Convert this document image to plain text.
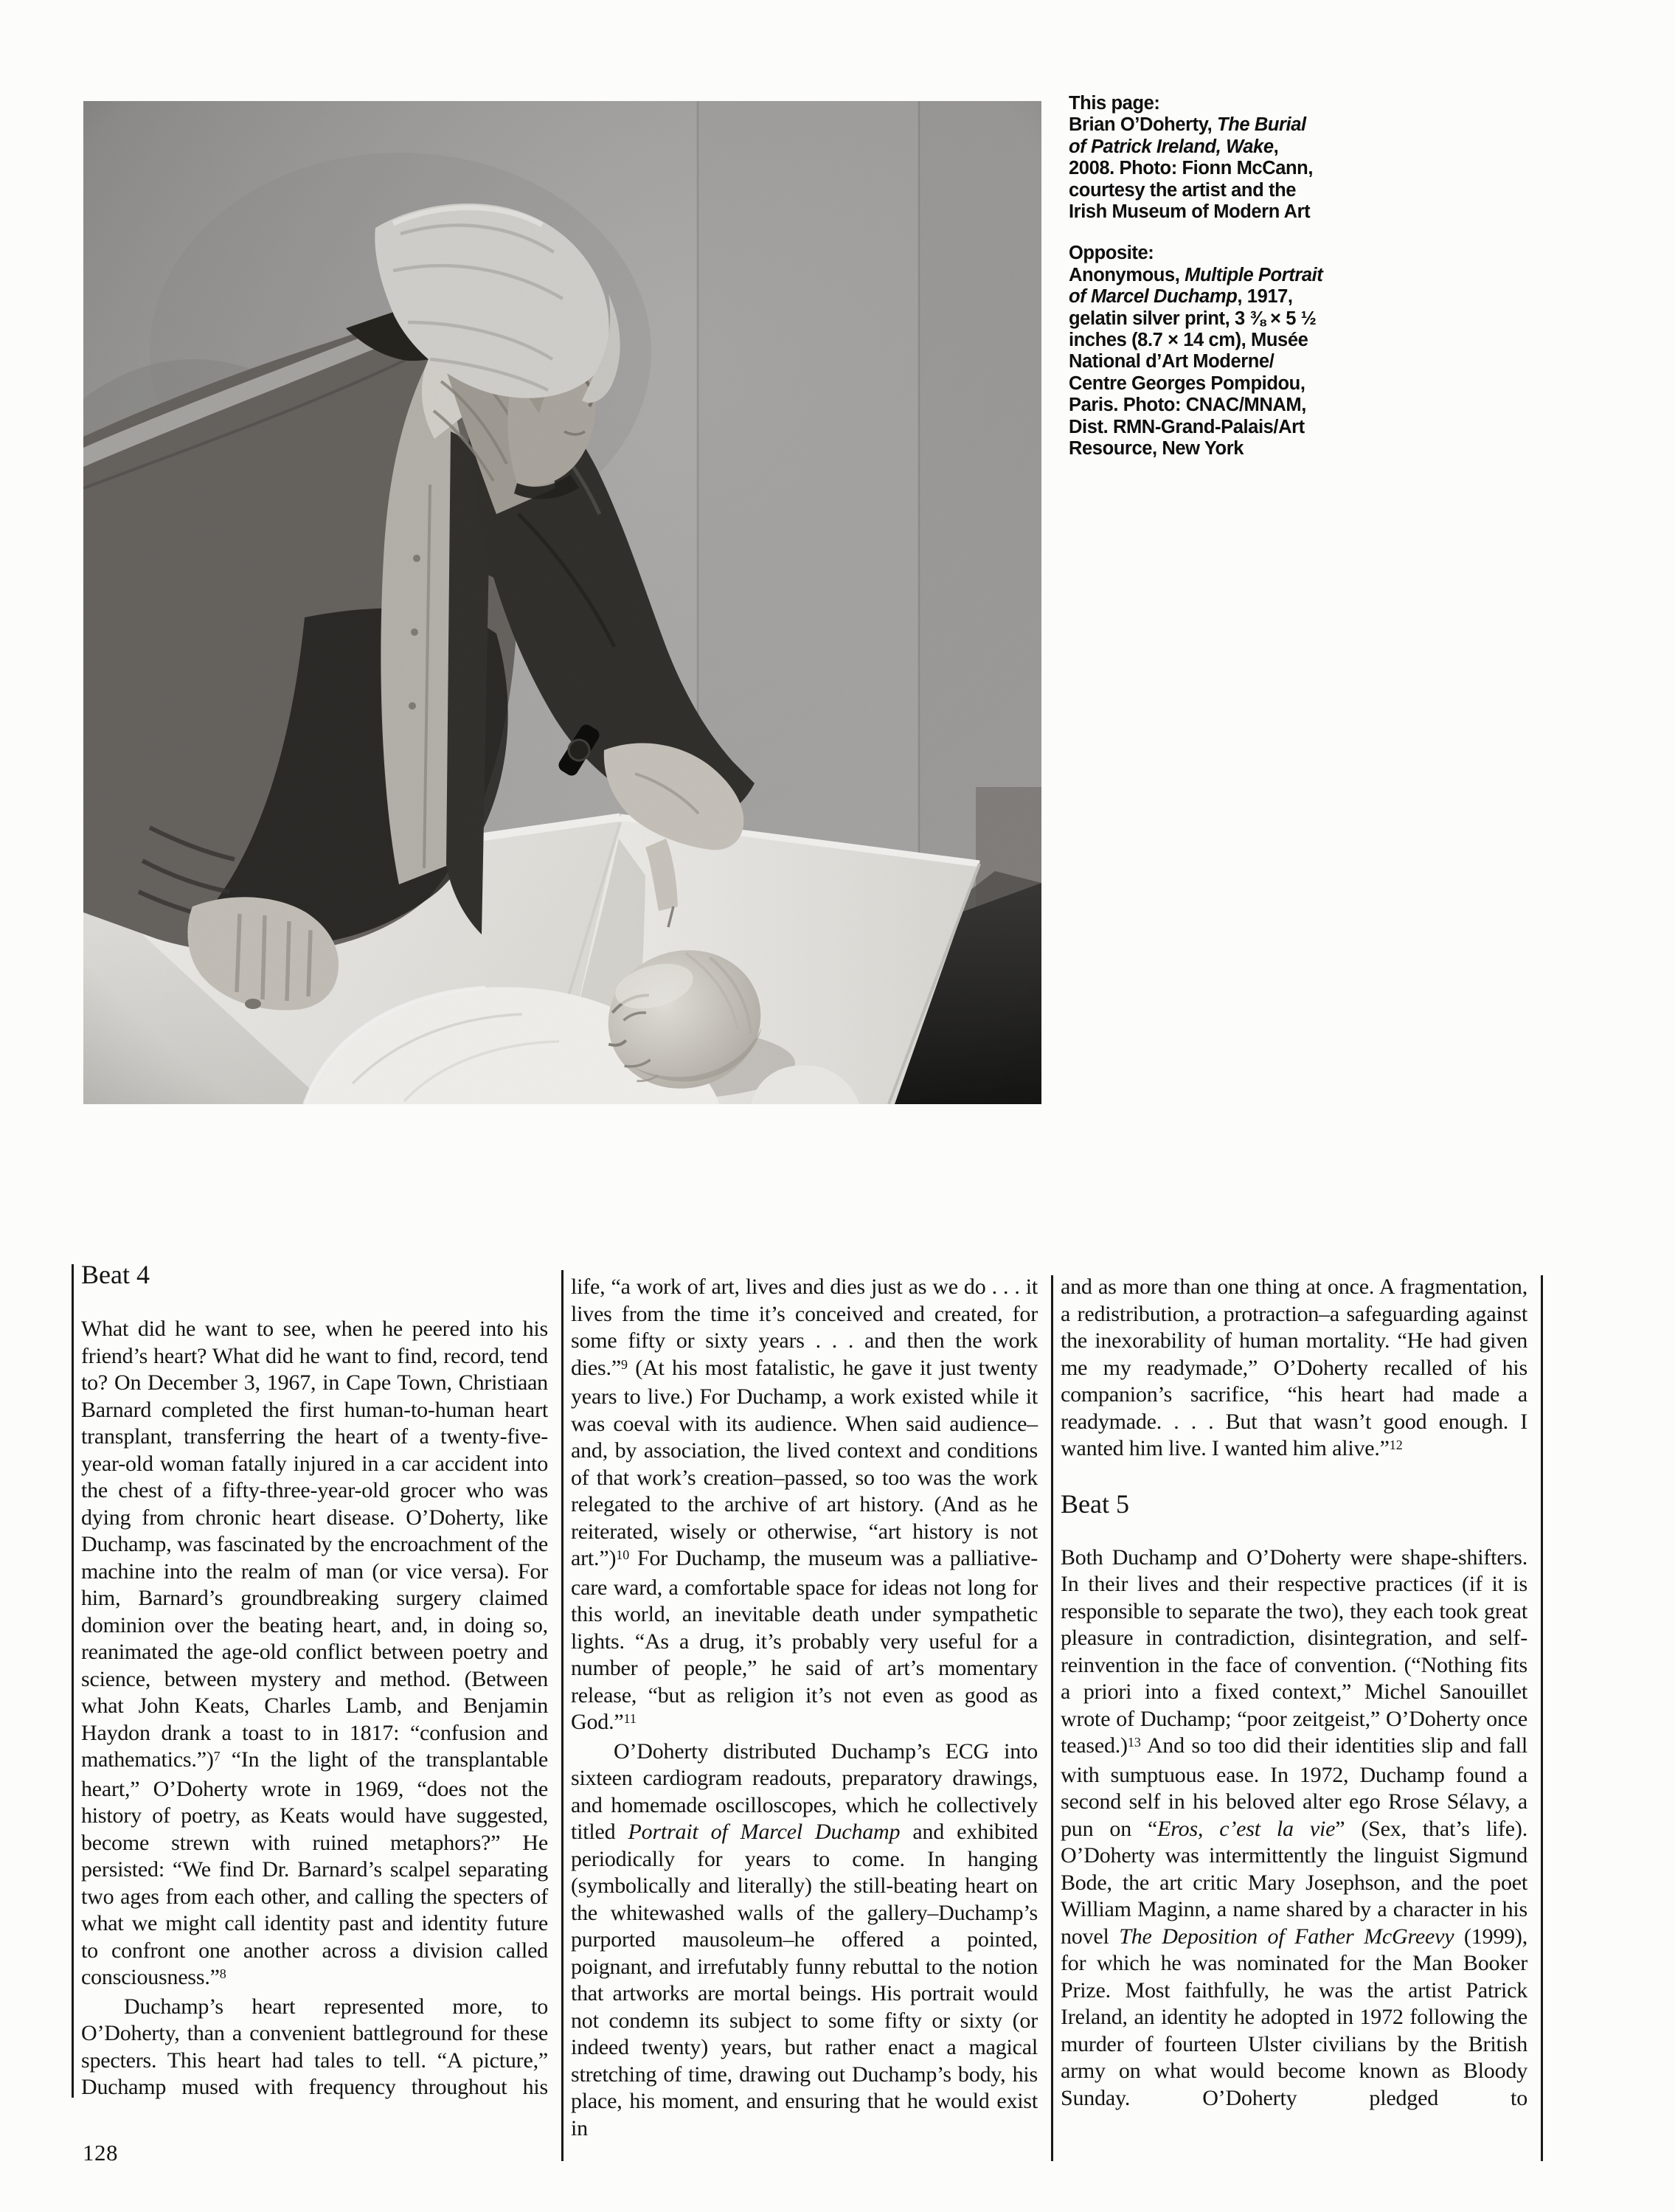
This page:
Brian O’Doherty, The Burial
of Patrick Ireland, Wake,
2008. Photo: Fionn McCann,
courtesy the artist and the
Irish Museum of Modern Art
Opposite:
Anonymous, Multiple Portrait
of Marcel Duchamp, 1917,
gelatin silver print, 3 ⅜ × 5 ½
inches (8.7 × 14 cm), Musée
National d’Art Moderne/
Centre Georges Pompidou,
Paris. Photo: CNAC/MNAM,
Dist. RMN-Grand-Palais/Art
Resource, New York
Beat 4

What did he want to see, when he peered into his friend’s heart? What did he want to find, record, tend to? On December 3, 1967, in Cape Town, Christiaan Barnard completed the first human-to-human heart transplant, transferring the heart of a twenty-five-year-old woman fatally injured in a car accident into the chest of a fifty-three-year-old grocer who was dying from chronic heart disease. O’Doherty, like Duchamp, was fascinated by the encroachment of the machine into the realm of man (or vice versa). For him, Barnard’s groundbreaking surgery claimed dominion over the beating heart, and, in doing so, reanimated the age-old conflict between poetry and science, between mystery and method. (Between what John Keats, Charles Lamb, and Benjamin Haydon drank a toast to in 1817: “confusion and mathematics.”)$^7$ “In the light of the transplantable heart,” O’Doherty wrote in 1969, “does not the history of poetry, as Keats would have suggested, become strewn with ruined metaphors?” He persisted: “We find Dr. Barnard’s scalpel separating two ages from each other, and calling the specters of what we might call identity past and identity future to confront one another across a division called consciousness.”$^8$

Duchamp’s heart represented more, to O’Doherty, than a convenient battleground for these specters. This heart had tales to tell. “A picture,” Duchamp mused with frequency throughout his

life, “a work of art, lives and dies just as we do . . . it lives from the time it’s conceived and created, for some fifty or sixty years . . . and then the work dies.”$^9$ (At his most fatalistic, he gave it just twenty years to live.) For Duchamp, a work existed while it was coeval with its audience. When said audience–and, by association, the lived context and conditions of that work’s creation–passed, so too was the work relegated to the archive of art history. (And as he reiterated, wisely or otherwise, “art history is not art.”)$^{10}$ For Duchamp, the museum was a palliative-care ward, a comfortable space for ideas not long for this world, an inevitable death under sympathetic lights. “As a drug, it’s probably very useful for a number of people,” he said of art’s momentary release, “but as religion it’s not even as good as God.”$^{11}$

O’Doherty distributed Duchamp’s ECG into sixteen cardiogram readouts, preparatory drawings, and homemade oscilloscopes, which he collectively titled Portrait of Marcel Duchamp and exhibited periodically for years to come. In hanging (symbolically and literally) the still-beating heart on the whitewashed walls of the gallery–Duchamp’s purported mausoleum–he offered a pointed, poignant, and irrefutably funny rebuttal to the notion that artworks are mortal beings. His portrait would not condemn its subject to some fifty or sixty (or indeed twenty) years, but rather enact a magical stretching of time, drawing out Duchamp’s body, his place, his moment, and ensuring that he would exist in

and as more than one thing at once. A fragmentation, a redistribution, a protraction–a safeguarding against the inexorability of human mortality. “He had given me my readymade,” O’Doherty recalled of his companion’s sacrifice, “his heart had made a readymade. . . . But that wasn’t good enough. I wanted him live. I wanted him alive.”$^{12}$

Beat 5

Both Duchamp and O’Doherty were shape-shifters. In their lives and their respective practices (if it is responsible to separate the two), they each took great pleasure in contradiction, disintegration, and self-reinvention in the face of convention. (“Nothing fits a priori into a fixed context,” Michel Sanouillet wrote of Duchamp; “poor zeitgeist,” O’Doherty once teased.)$^{13}$ And so too did their identities slip and fall with sumptuous ease. In 1972, Duchamp found a second self in his beloved alter ego Rrose Sélavy, a pun on “Eros, c’est la vie” (Sex, that’s life). O’Doherty was intermittently the linguist Sigmund Bode, the art critic Mary Josephson, and the poet William Maginn, a name shared by a character in his novel The Deposition of Father McGreevy (1999), for which he was nominated for the Man Booker Prize. Most faithfully, he was the artist Patrick Ireland, an identity he adopted in 1972 following the murder of fourteen Ulster civilians by the British army on what would become known as Bloody Sunday. O’Doherty pledged to

128
